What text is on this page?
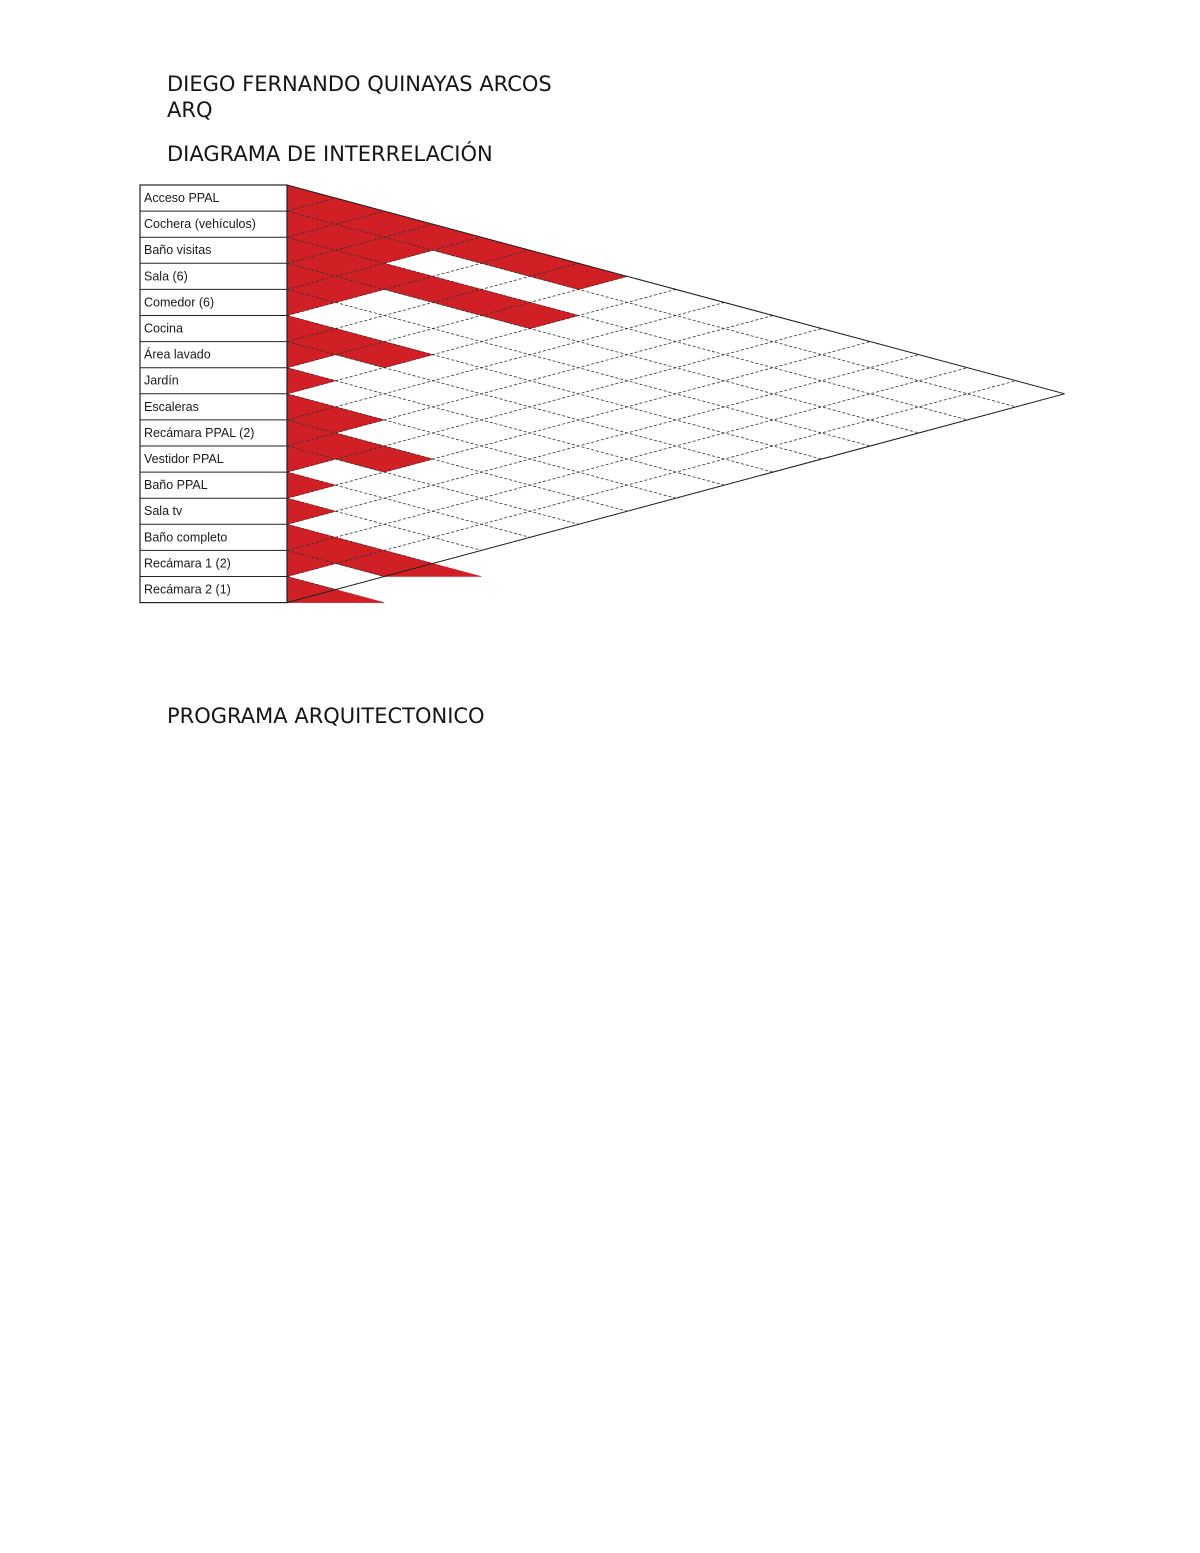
DIEGO FERNANDO QUINAYAS ARCOS
ARQ
DIAGRAMA DE INTERRELACIÓN
Acceso PPAL
Cochera (vehículos)
Baño visitas
Sala (6)
Comedor (6)
Cocina
Área lavado
Jardín
Escaleras
Recámara PPAL (2)
Vestidor PPAL
Baño PPAL
Sala tv
Baño completo
Recámara 1 (2)
Recámara 2 (1)
PROGRAMA ARQUITECTONICO
